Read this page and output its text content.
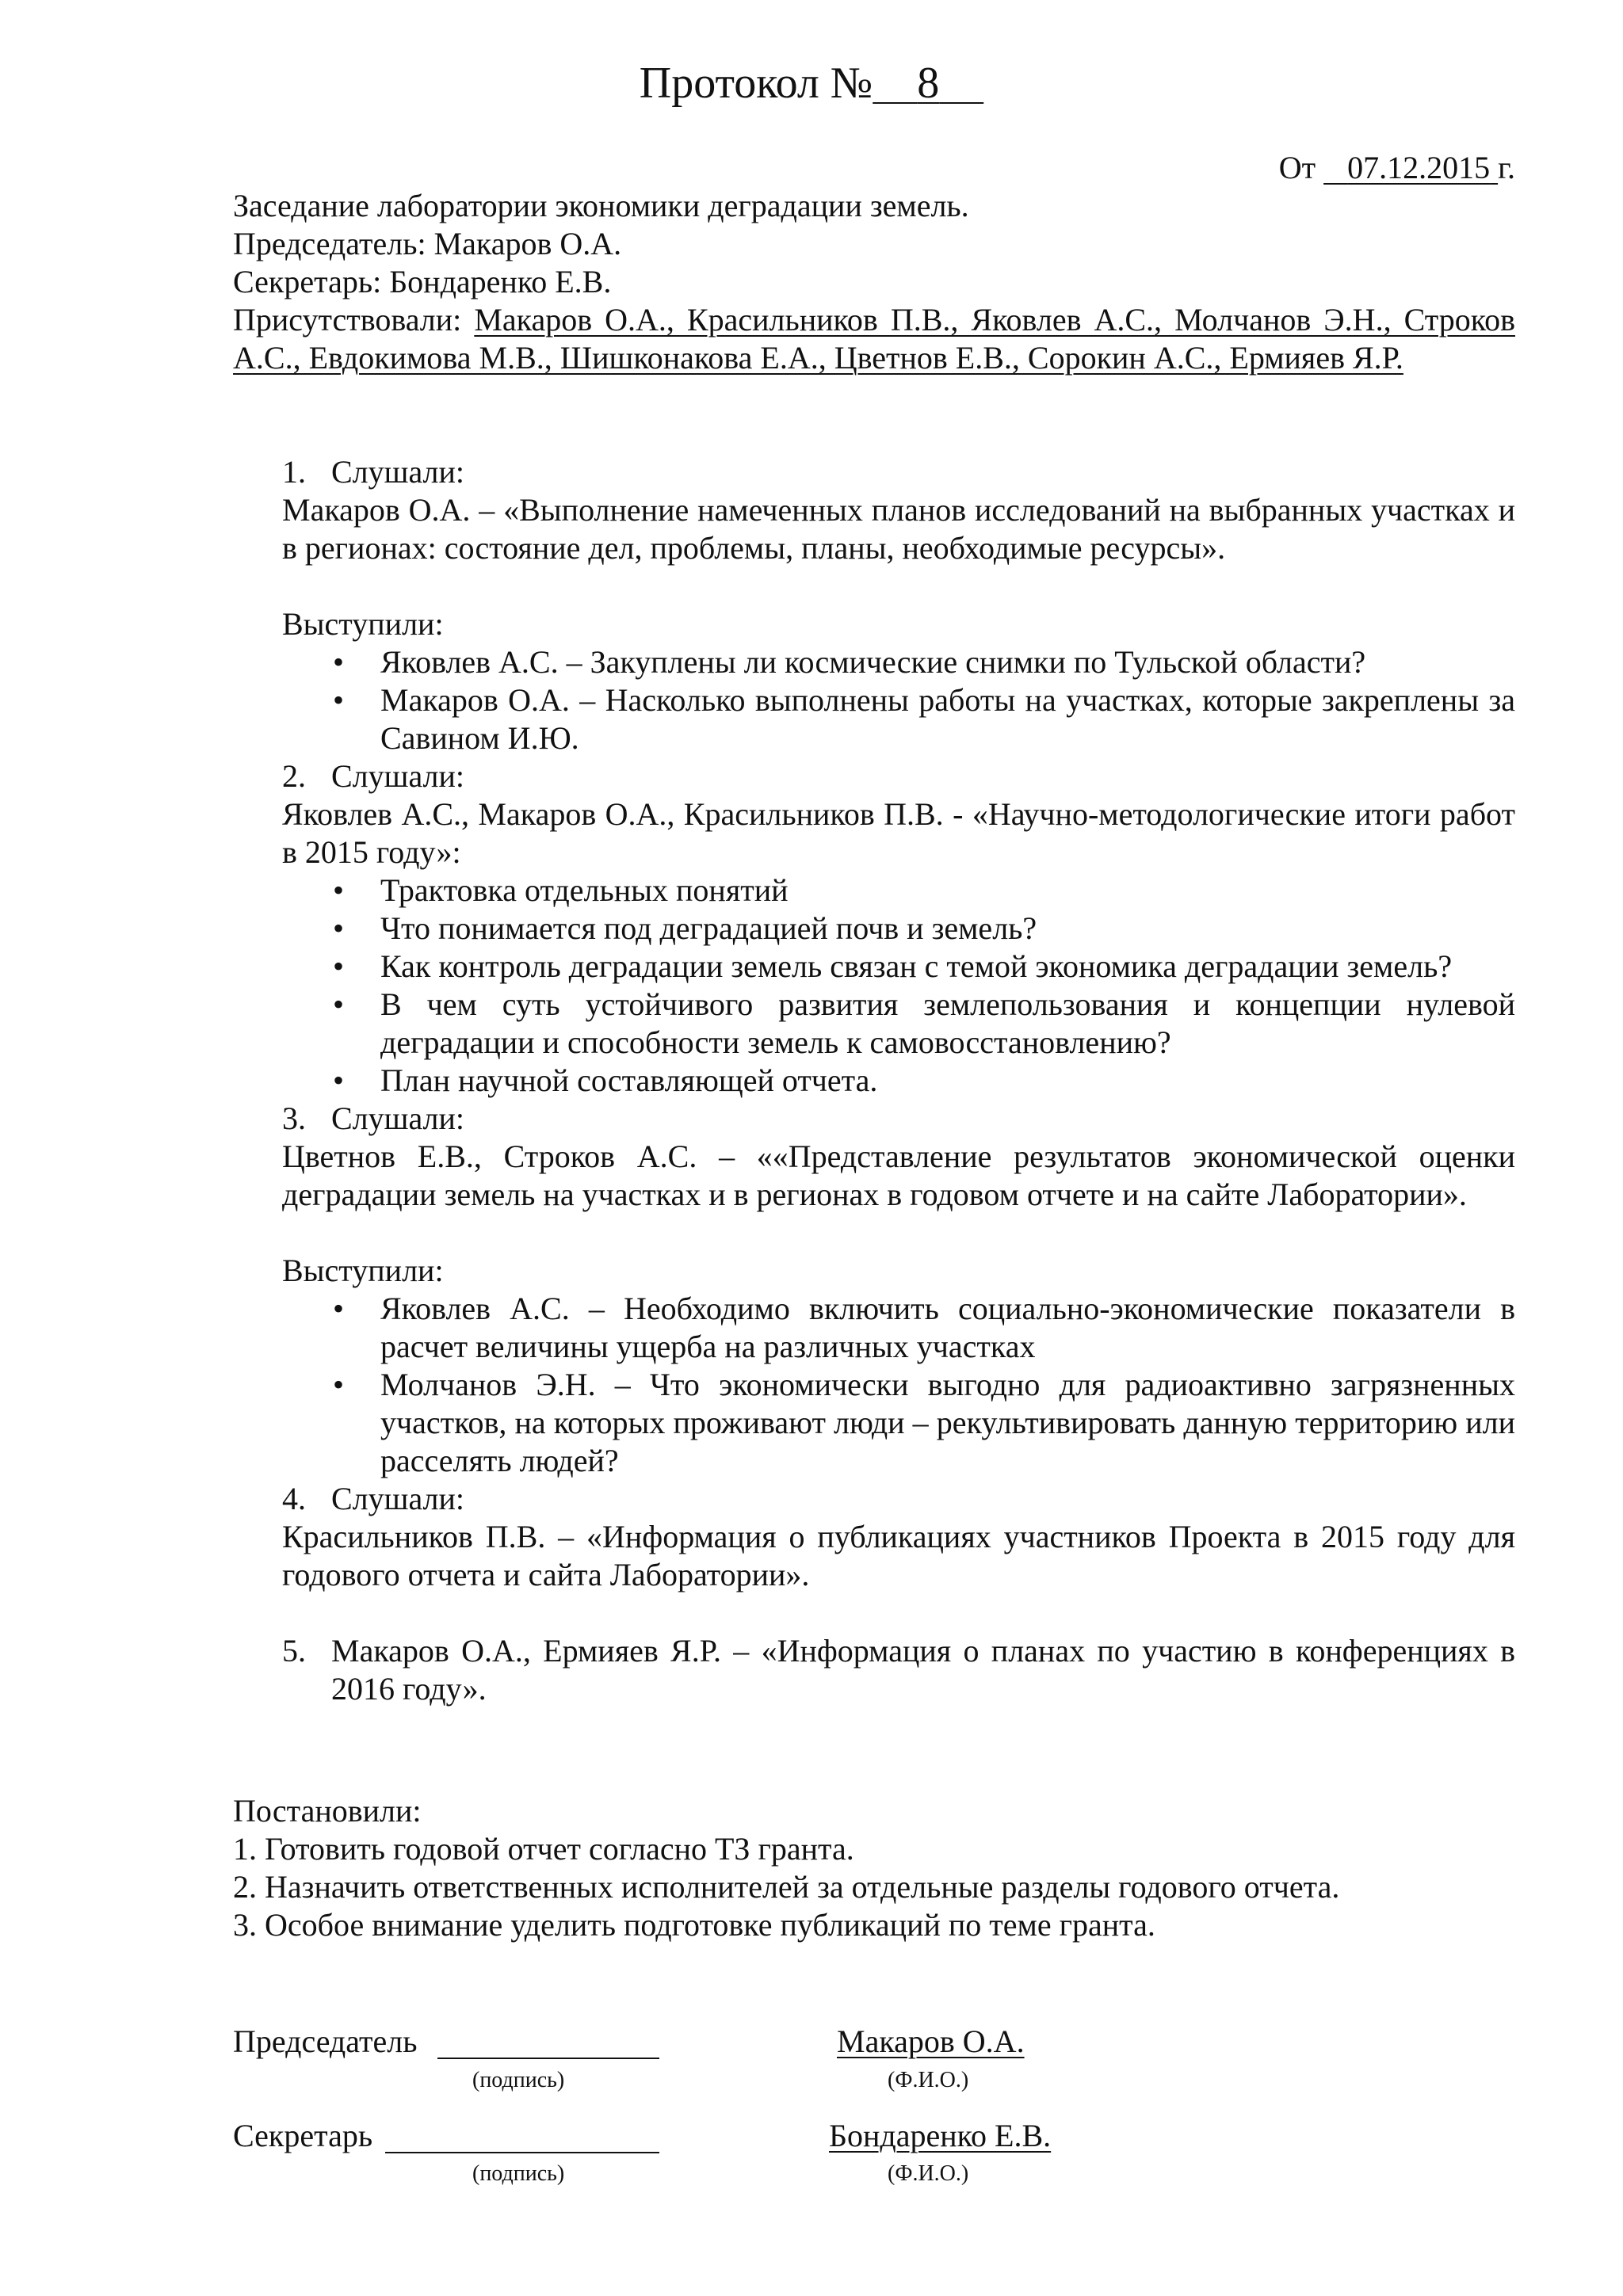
Протокол № 8
От    07.12.2015 г.

Заседание лаборатории экономики деградации земель.

Председатель: Макаров О.А.

Секретарь: Бондаренко Е.В.

Присутствовали: Макаров О.А., Красильников П.В., Яковлев А.С., Молчанов Э.Н., Строков А.С., Евдокимова М.В., Шишконакова Е.А., Цветнов Е.В., Сорокин А.С., Ермияев Я.Р.

1. Слушали:

Макаров О.А. – «Выполнение намеченных планов исследований на выбранных участках и в регионах: состояние дел, проблемы, планы, необходимые ресурсы».

Выступили:

• Яковлев А.С. – Закуплены ли космические снимки по Тульской области?
• Макаров О.А. – Насколько выполнены работы на участках, которые закреплены за Савином И.Ю.

2. Слушали:

Яковлев А.С., Макаров О.А., Красильников П.В. - «Научно-методологические итоги работ в 2015 году»:

• Трактовка отдельных понятий
• Что понимается под деградацией почв и земель?
• Как контроль деградации земель связан с темой экономика деградации земель?
• В чем суть устойчивого развития землепользования и концепции нулевой деградации и способности земель к самовосстановлению?
• План научной составляющей отчета.

3. Слушали:

Цветнов Е.В., Строков А.С. – ««Представление результатов экономической оценки деградации земель на участках и в регионах в годовом отчете и на сайте Лаборатории».

Выступили:

• Яковлев А.С. – Необходимо включить социально-экономические показатели в расчет величины ущерба на различных участках
• Молчанов Э.Н. – Что экономически выгодно для радиоактивно загрязненных участков, на которых проживают люди – рекультивировать данную территорию или расселять людей?

4. Слушали:

Красильников П.В. – «Информация о публикациях участников Проекта в 2015 году для годового отчета и сайта Лаборатории».

5. Макаров О.А., Ермияев Я.Р. – «Информация о планах по участию в конференциях в 2016 году».

Постановили:

1. Готовить годовой отчет согласно ТЗ гранта.

2. Назначить ответственных исполнителей за отдельные разделы годового отчета.

3. Особое внимание уделить подготовке публикаций по теме гранта.

Председатель	Макаров О.А.
(подпись)	(Ф.И.О.)
Секретарь	Бондаренко Е.В.
(подпись)	(Ф.И.О.)
